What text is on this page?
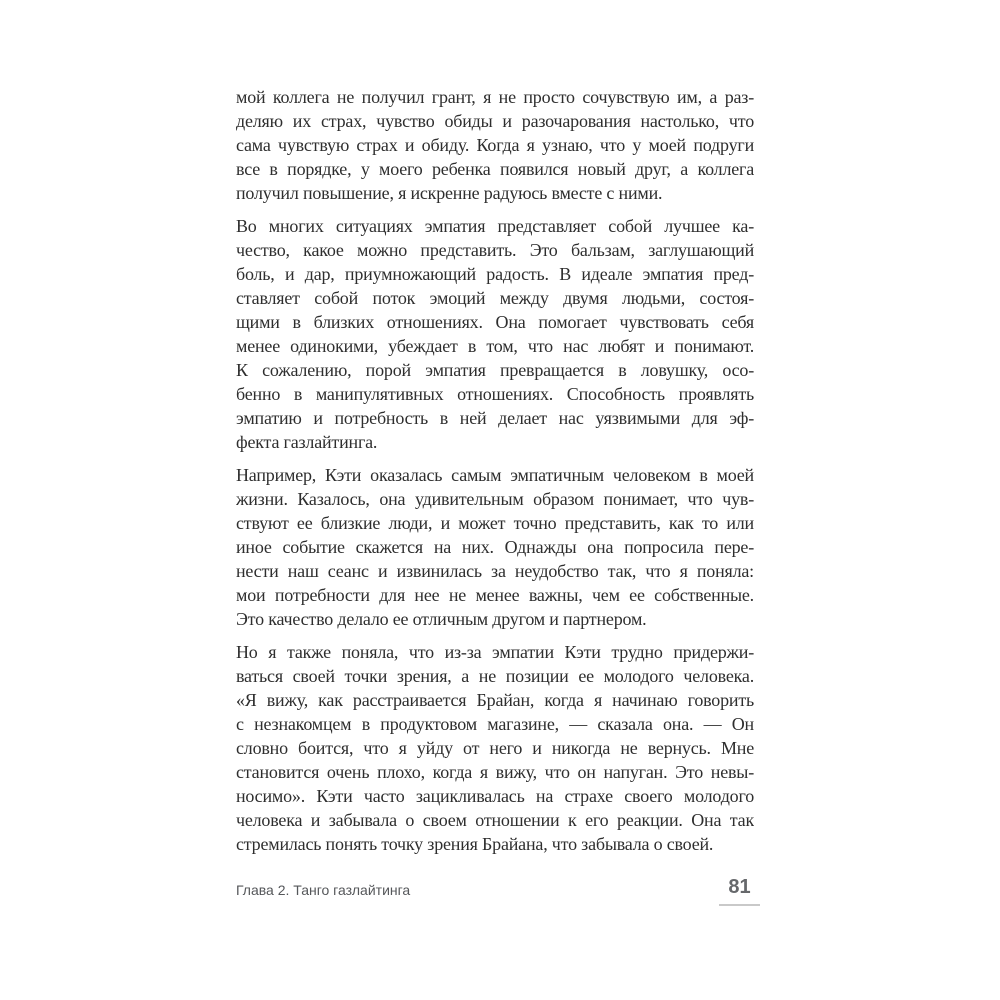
мой коллега не получил грант, я не просто сочувствую им, а раз-
деляю их страх, чувство обиды и разочарования настолько, что
сама чувствую страх и обиду. Когда я узнаю, что у моей подруги
все в порядке, у моего ребенка появился новый друг, а коллега
получил повышение, я искренне радуюсь вместе с ними.
Во многих ситуациях эмпатия представляет собой лучшее ка-
чество, какое можно представить. Это бальзам, заглушающий
боль, и дар, приумножающий радость. В идеале эмпатия пред-
ставляет собой поток эмоций между двумя людьми, состоя-
щими в близких отношениях. Она помогает чувствовать себя
менее одинокими, убеждает в том, что нас любят и понимают.
К сожалению, порой эмпатия превращается в ловушку, осо-
бенно в манипулятивных отношениях. Способность проявлять
эмпатию и потребность в ней делает нас уязвимыми для эф-
фекта газлайтинга.
Например, Кэти оказалась самым эмпатичным человеком в моей
жизни. Казалось, она удивительным образом понимает, что чув-
ствуют ее близкие люди, и может точно представить, как то или
иное событие скажется на них. Однажды она попросила пере-
нести наш сеанс и извинилась за неудобство так, что я поняла:
мои потребности для нее не менее важны, чем ее собственные.
Это качество делало ее отличным другом и партнером.
Но я также поняла, что из-за эмпатии Кэти трудно придержи-
ваться своей точки зрения, а не позиции ее молодого человека.
«Я вижу, как расстраивается Брайан, когда я начинаю говорить
с незнакомцем в продуктовом магазине, — сказала она. — Он
словно боится, что я уйду от него и никогда не вернусь. Мне
становится очень плохо, когда я вижу, что он напуган. Это невы-
носимо». Кэти часто зацикливалась на страхе своего молодого
человека и забывала о своем отношении к его реакции. Она так
стремилась понять точку зрения Брайана, что забывала о своей.
Глава 2. Танго газлайтинга	81
